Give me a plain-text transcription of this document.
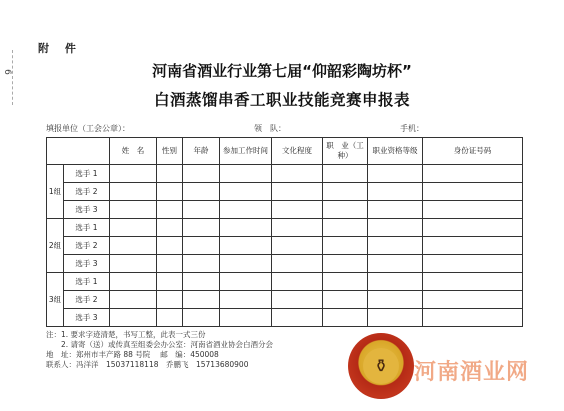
6
附 件
河南省酒业行业第七届“仰韶彩陶坊杯”
白酒蒸馏串香工职业技能竞赛申报表
填报单位（工会公章）：	领　队：	手机：
		姓　名	性别	年龄	参加工作时间	文化程度	职　业（工种）	职业资格等级	身份证号码
1组	选手 1								
	选手 2								
	选手 3								
2组	选手 1								
	选手 2								
	选手 3								
3组	选手 1								
	选手 2								
	选手 3								
注：1. 要求字迹清楚，书写工整，此表一式三份
　　2. 请寄（送）或传真至组委会办公室：河南省酒业协会白酒分会
地　址：郑州市丰产路 88 号院　 邮　编：450008
联系人：冯洋洋　15037118118　乔鹏飞　15713680900	⚱	河南酒业网
